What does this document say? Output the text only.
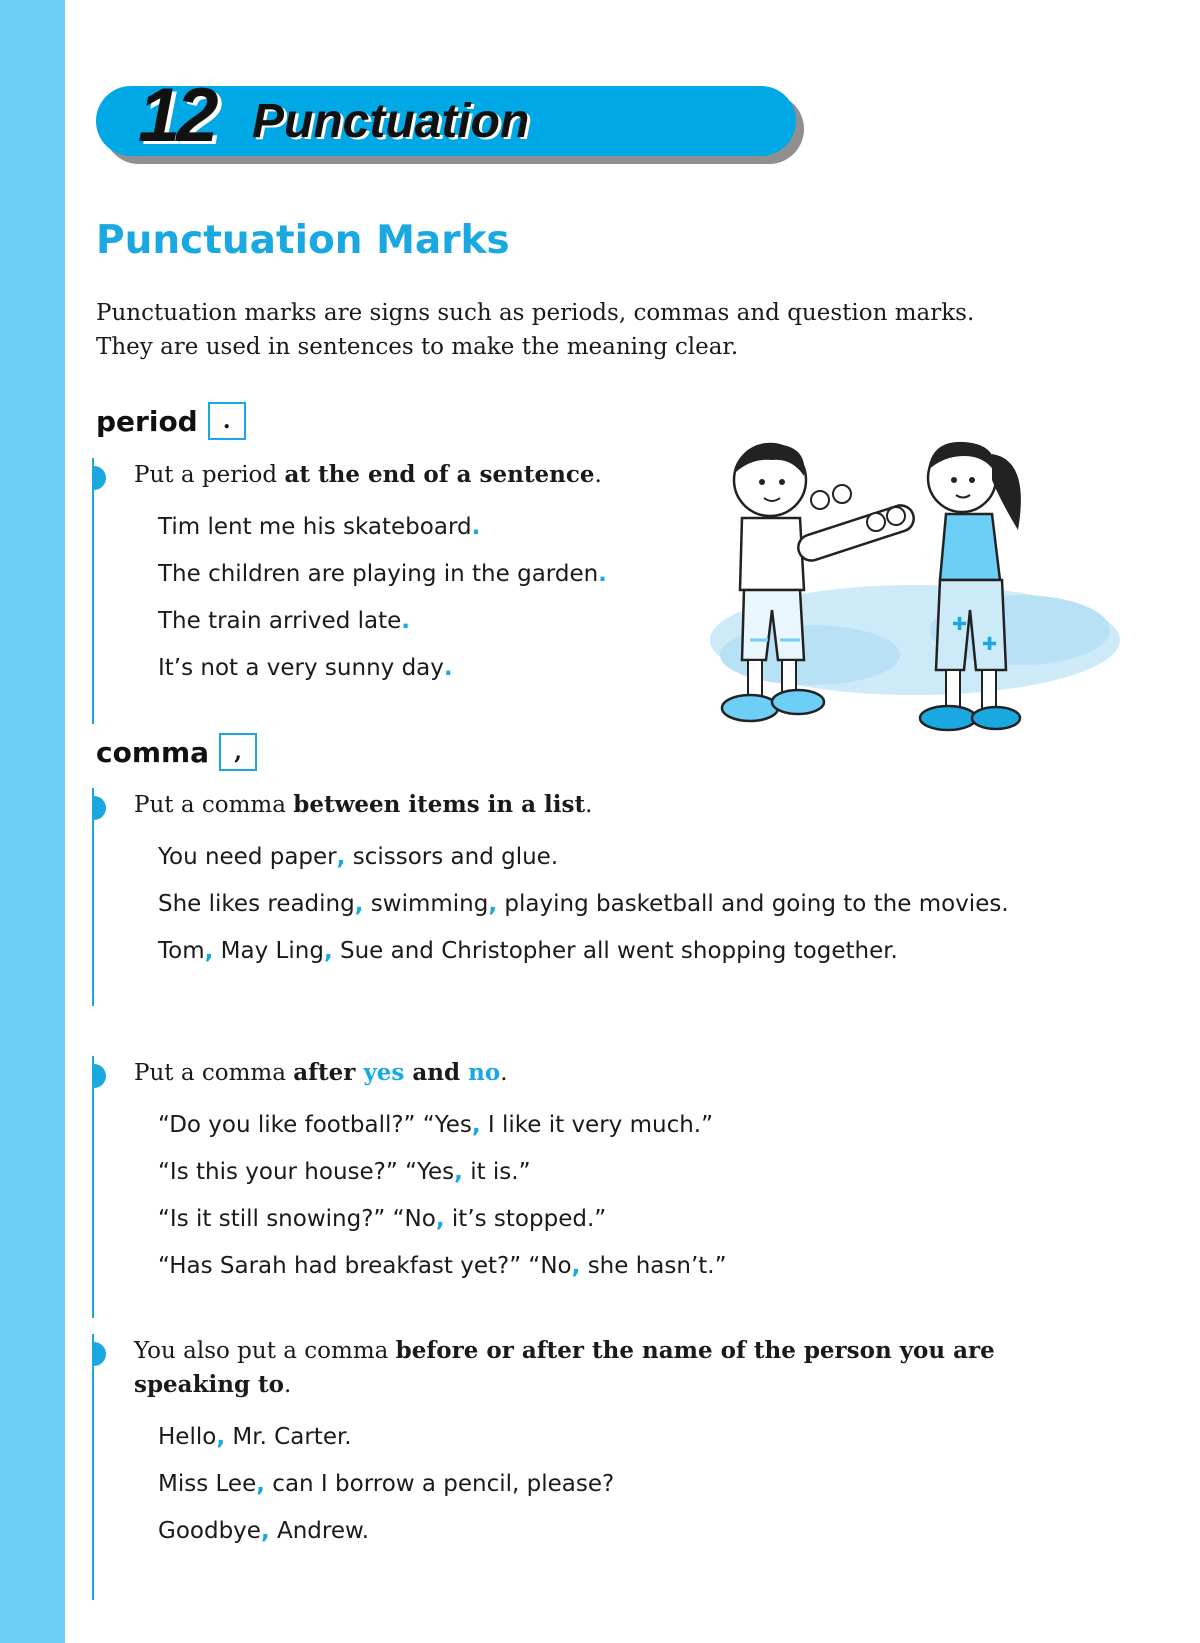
12 Punctuation
Punctuation Marks

Punctuation marks are signs such as periods, commas and question marks.
They are used in sentences to make the meaning clear.

period	.

Put a period at the end of a sentence.

Tim lent me his skateboard.
The children are playing in the garden.
The train arrived late.
It’s not a very sunny day.
✚
✚
comma	,

Put a comma between items in a list.

You need paper, scissors and glue.
She likes reading, swimming, playing basketball and going to the movies.
Tom, May Ling, Sue and Christopher all went shopping together.

Put a comma after yes and no.

“Do you like football?” “Yes, I like it very much.”
“Is this your house?” “Yes, it is.”
“Is it still snowing?” “No, it’s stopped.”
“Has Sarah had breakfast yet?” “No, she hasn’t.”

You also put a comma before or after the name of the person you are
speaking to.

Hello, Mr. Carter.
Miss Lee, can I borrow a pencil, please?
Goodbye, Andrew.
